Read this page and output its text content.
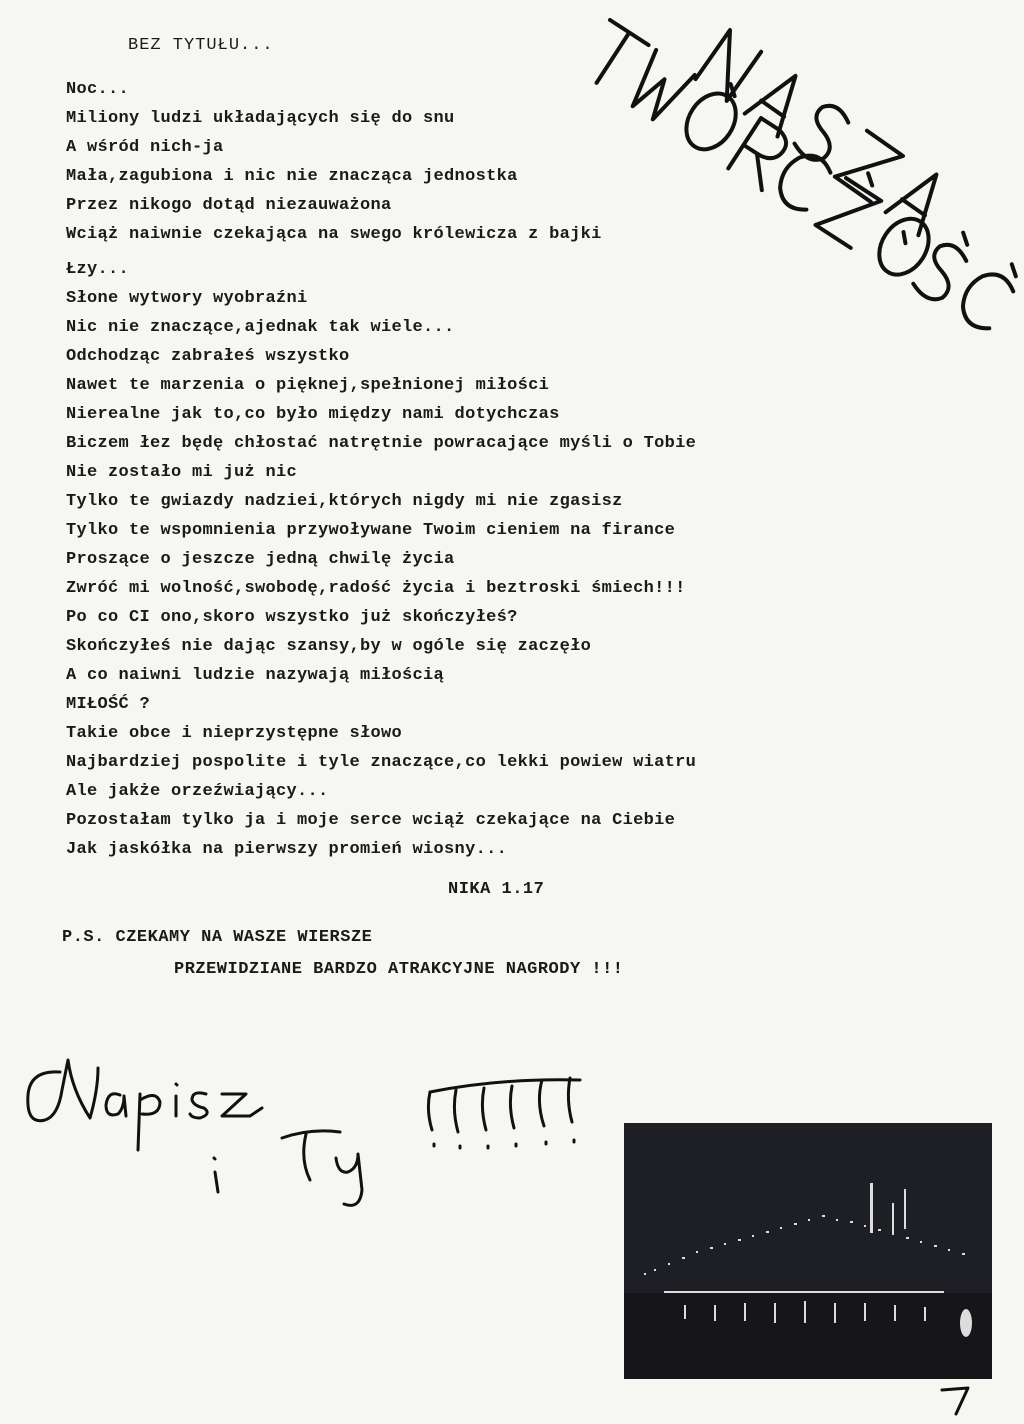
BEZ TYTUŁU...
Noc...
Miliony ludzi układających się do snu
A wśród nich-ja
Mała,zagubiona i nic nie znacząca jednostka
Przez nikogo dotąd niezauważona
Wciąż naiwnie czekająca na swego królewicza z bajki
Łzy...
Słone wytwory wyobraźni
Nic nie znaczące,ajednak tak wiele...
Odchodząc zabrałeś wszystko
Nawet te marzenia o pięknej,spełnionej miłości
Nierealne jak to,co było między nami dotychczas
Biczem łez będę chłostać natrętnie powracające myśli o Tobie
Nie zostało mi już nic
Tylko te gwiazdy nadziei,których nigdy mi nie zgasisz
Tylko te wspomnienia przywoływane Twoim cieniem na firance
Proszące o jeszcze jedną chwilę życia
Zwróć mi wolność,swobodę,radość życia i beztroski śmiech!!!
Po co CI ono,skoro wszystko już skończyłeś?
Skończyłeś nie dając szansy,by w ogóle się zaczęło
A co naiwni ludzie nazywają miłością
MIŁOŚĆ ?
Takie obce i nieprzystępne słowo
Najbardziej pospolite i tyle znaczące,co lekki powiew wiatru
Ale jakże orzeźwiający...
Pozostałam tylko ja i moje serce wciąż czekające na Ciebie
Jak jaskółka na pierwszy promień wiosny...
NIKA 1.17
P.S. CZEKAMY NA WASZE WIERSZE
PRZEWIDZIANE BARDZO ATRAKCYJNE NAGRODY !!!
